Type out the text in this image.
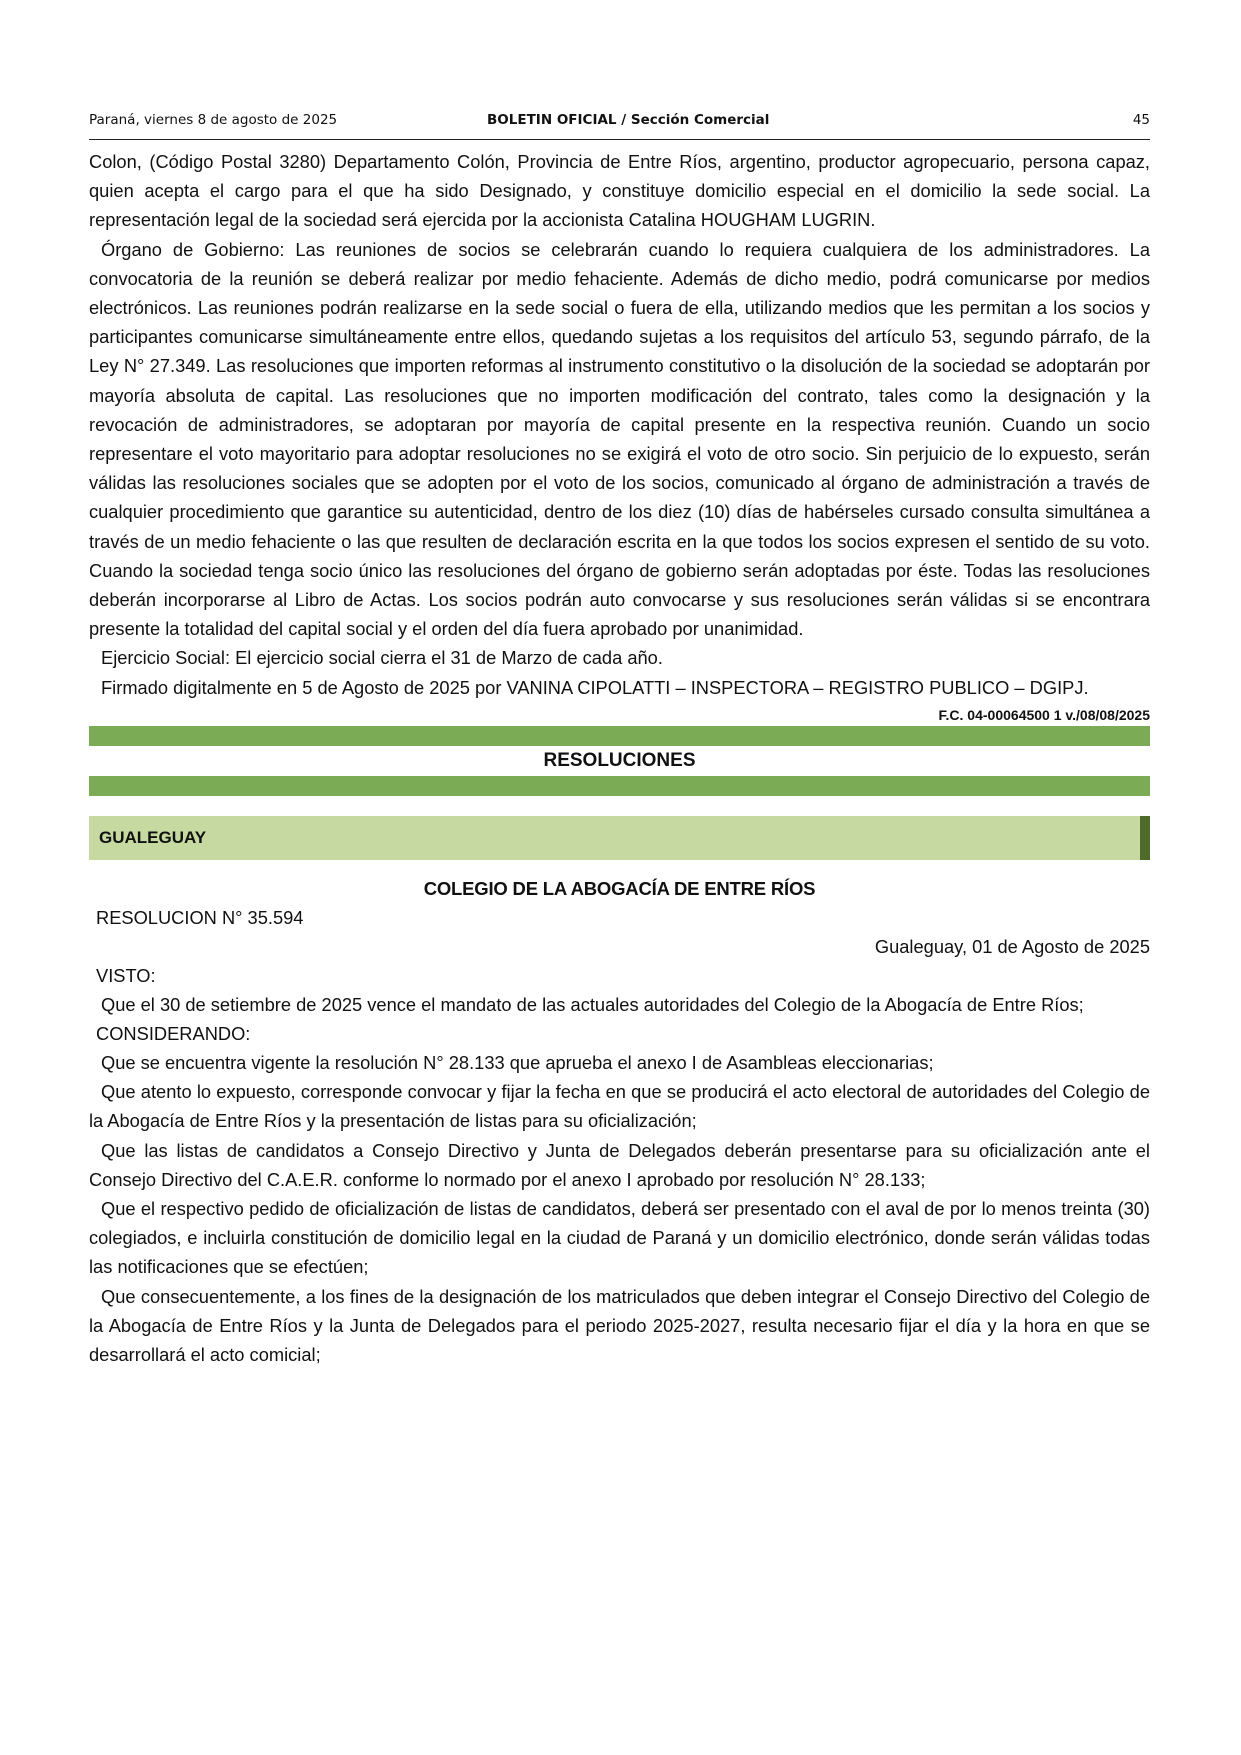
Paraná, viernes 8 de agosto de 2025	BOLETIN OFICIAL / Sección Comercial	45

Colon, (Código Postal 3280) Departamento Colón, Provincia de Entre Ríos, argentino, productor agropecuario, persona capaz, quien acepta el cargo para el que ha sido Designado, y constituye domicilio especial en el domicilio la sede social. La representación legal de la sociedad será ejercida por la accionista Catalina HOUGHAM LUGRIN.

Órgano de Gobierno: Las reuniones de socios se celebrarán cuando lo requiera cualquiera de los administradores. La convocatoria de la reunión se deberá realizar por medio fehaciente. Además de dicho medio, podrá comunicarse por medios electrónicos. Las reuniones podrán realizarse en la sede social o fuera de ella, utilizando medios que les permitan a los socios y participantes comunicarse simultáneamente entre ellos, quedando sujetas a los requisitos del artículo 53, segundo párrafo, de la Ley N° 27.349. Las resoluciones que importen reformas al instrumento constitutivo o la disolución de la sociedad se adoptarán por mayoría absoluta de capital. Las resoluciones que no importen modificación del contrato, tales como la designación y la revocación de administradores, se adoptaran por mayoría de capital presente en la respectiva reunión. Cuando un socio representare el voto mayoritario para adoptar resoluciones no se exigirá el voto de otro socio. Sin perjuicio de lo expuesto, serán válidas las resoluciones sociales que se adopten por el voto de los socios, comunicado al órgano de administración a través de cualquier procedimiento que garantice su autenticidad, dentro de los diez (10) días de habérseles cursado consulta simultánea a través de un medio fehaciente o las que resulten de declaración escrita en la que todos los socios expresen el sentido de su voto. Cuando la sociedad tenga socio único las resoluciones del órgano de gobierno serán adoptadas por éste. Todas las resoluciones deberán incorporarse al Libro de Actas. Los socios podrán auto convocarse y sus resoluciones serán válidas si se encontrara presente la totalidad del capital social y el orden del día fuera aprobado por unanimidad.

Ejercicio Social: El ejercicio social cierra el 31 de Marzo de cada año.

Firmado digitalmente en 5 de Agosto de 2025 por VANINA CIPOLATTI – INSPECTORA – REGISTRO PUBLICO – DGIPJ.

F.C. 04-00064500 1 v./08/08/2025
RESOLUCIONES
GUALEGUAY
COLEGIO DE LA ABOGACÍA DE ENTRE RÍOS
RESOLUCION N° 35.594
Gualeguay, 01 de Agosto de 2025
VISTO:

Que el 30 de setiembre de 2025 vence el mandato de las actuales autoridades del Colegio de la Abogacía de Entre Ríos;

CONSIDERANDO:

Que se encuentra vigente la resolución N° 28.133 que aprueba el anexo I de Asambleas eleccionarias;

Que atento lo expuesto, corresponde convocar y fijar la fecha en que se producirá el acto electoral de autoridades del Colegio de la Abogacía de Entre Ríos y la presentación de listas para su oficialización;

Que las listas de candidatos a Consejo Directivo y Junta de Delegados deberán presentarse para su oficialización ante el Consejo Directivo del C.A.E.R. conforme lo normado por el anexo I aprobado por resolución N° 28.133;

Que el respectivo pedido de oficialización de listas de candidatos, deberá ser presentado con el aval de por lo menos treinta (30) colegiados, e incluirla constitución de domicilio legal en la ciudad de Paraná y un domicilio electrónico, donde serán válidas todas las notificaciones que se efectúen;

Que consecuentemente, a los fines de la designación de los matriculados que deben integrar el Consejo Directivo del Colegio de la Abogacía de Entre Ríos y la Junta de Delegados para el periodo 2025-2027, resulta necesario fijar el día y la hora en que se desarrollará el acto comicial;
